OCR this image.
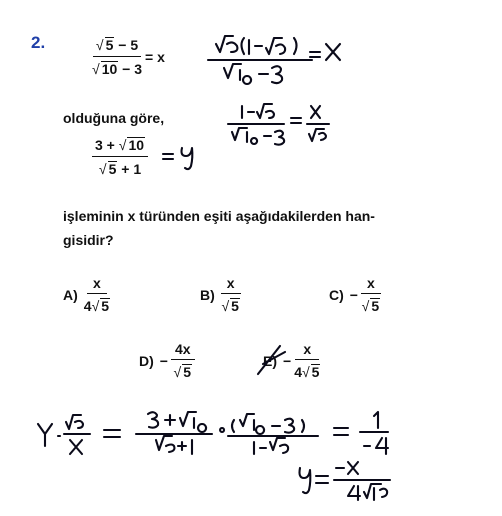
2.	$\frac{√ 5 - 5}{√ 10 - 3} = x$
olduğuna göre,
$\frac{3 + √ 10}{√ 5 + 1}$
işleminin x türünden eşiti aşağıdakilerden han-
gisidir?
$A) \frac{x}{4√ 5}$	$B) \frac{x}{√ 5}$	$C) - \frac{x}{√ 5}$
$D) - \frac{4x}{√ 5}$	$E) - \frac{x}{4√ 5}$
